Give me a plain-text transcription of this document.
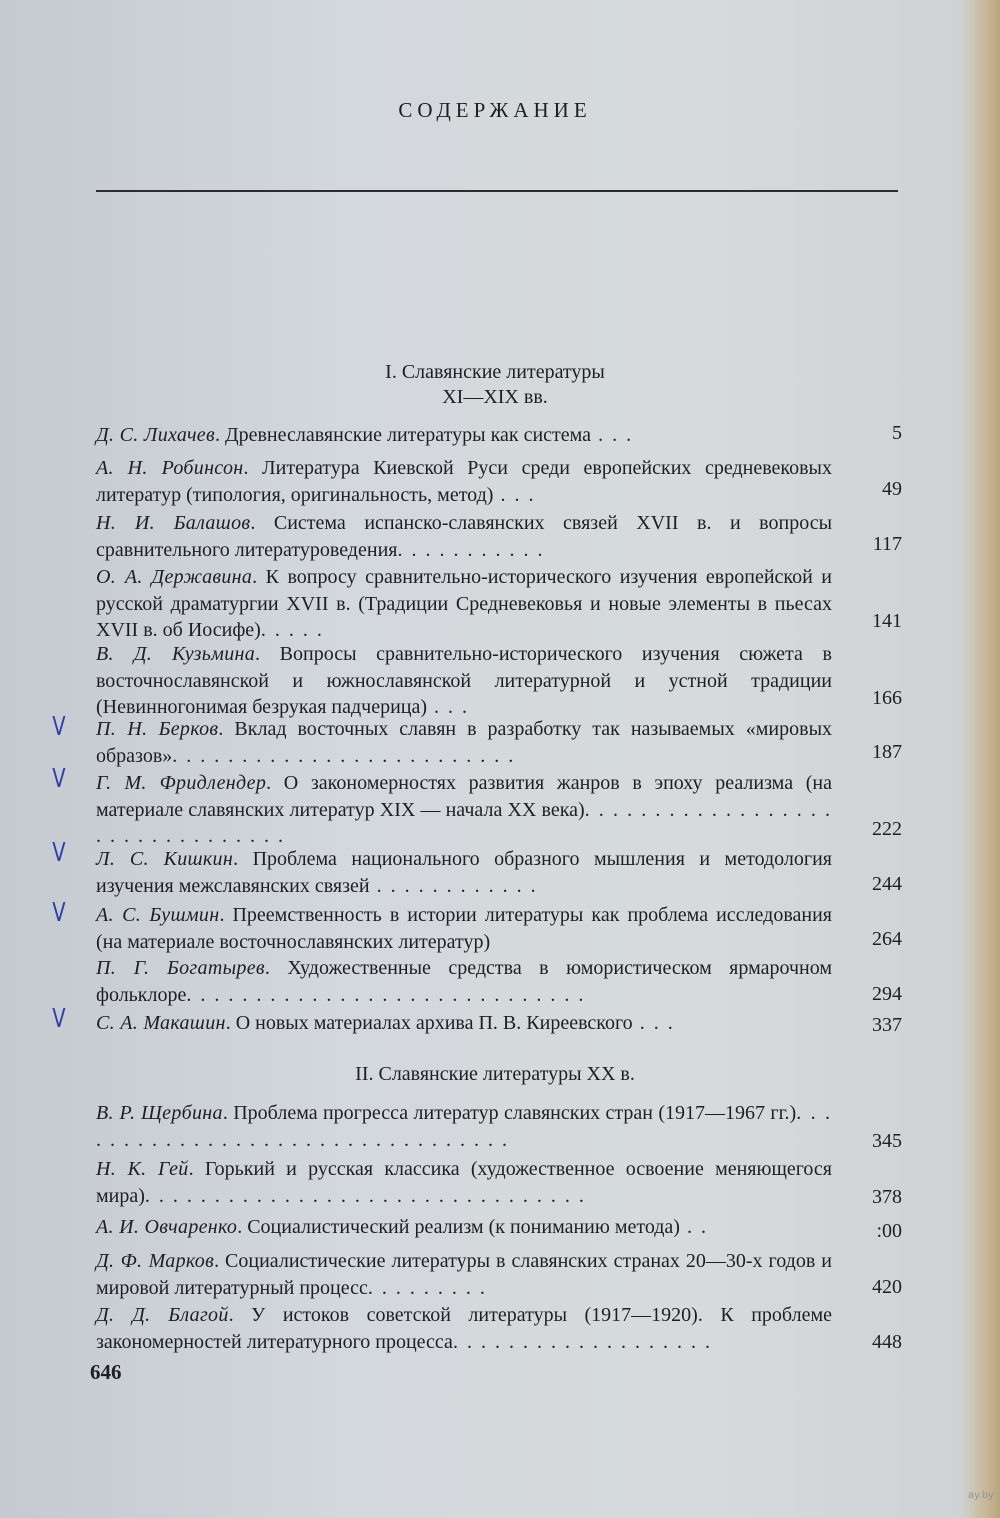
СОДЕРЖАНИЕ
I. Славянские литературы
XI—XIX вв.
Д. С. Лихачев. Древнеславянские литературы как система . . .	5
А. Н. Робинсон. Литература Киевской Руси среди европейских средневековых литератур (типология, оригинальность, метод) . . .	49
Н. И. Балашов. Система испанско-славянских связей XVII в. и вопросы сравнительного литературоведения. . . . . . . . . . .	117
О. А. Державина. К вопросу сравнительно-исторического изучения европейской и русской драматургии XVII в. (Традиции Средневековья и новые элементы в пьесах XVII в. об Иосифе). . . . .	141
В. Д. Кузьмина. Вопросы сравнительно-исторического изучения сюжета в восточнославянской и южнославянской литературной и устной традиции (Невинногонимая безрукая падчерица) . . .	166
V П. Н. Берков. Вклад восточных славян в разработку так называемых «мировых образов». . . . . . . . . . . . . . . . . . . . . . . . .	187
V Г. М. Фридлендер. О закономерностях развития жанров в эпоху реализма (на материале славянских литератур XIX — начала XX века). . . . . . . . . . . . . . . . . . . . . . . . . . . . . . . .	222
V Л. С. Кишкин. Проблема национального образного мышления и методология изучения межславянских связей . . . . . . . . . . . .	244
V А. С. Бушмин. Преемственность в истории литературы как проблема исследования (на материале восточнославянских литератур)	264
П. Г. Богатырев. Художественные средства в юмористическом ярмарочном фольклоре. . . . . . . . . . . . . . . . . . . . . . . . . . . . .	294
V С. А. Макашин. О новых материалах архива П. В. Киреевского . . .	337
II. Славянские литературы XX в.
В. Р. Щербина. Проблема прогресса литератур славянских стран (1917—1967 гг.). . . . . . . . . . . . . . . . . . . . . . . . . . . . . . . . .	345
Н. К. Гей. Горький и русская классика (художественное освоение меняющегося мира). . . . . . . . . . . . . . . . . . . . . . . . . . . . . . . .	378
А. И. Овчаренко. Социалистический реализм (к пониманию метода) . .	:00
Д. Ф. Марков. Социалистические литературы в славянских странах 20—30-х годов и мировой литературный процесс. . . . . . . . .	420
Д. Д. Благой. У истоков советской литературы (1917—1920). К проблеме закономерностей литературного процесса. . . . . . . . . . . . . . . . . . .	448
646
ay.by
